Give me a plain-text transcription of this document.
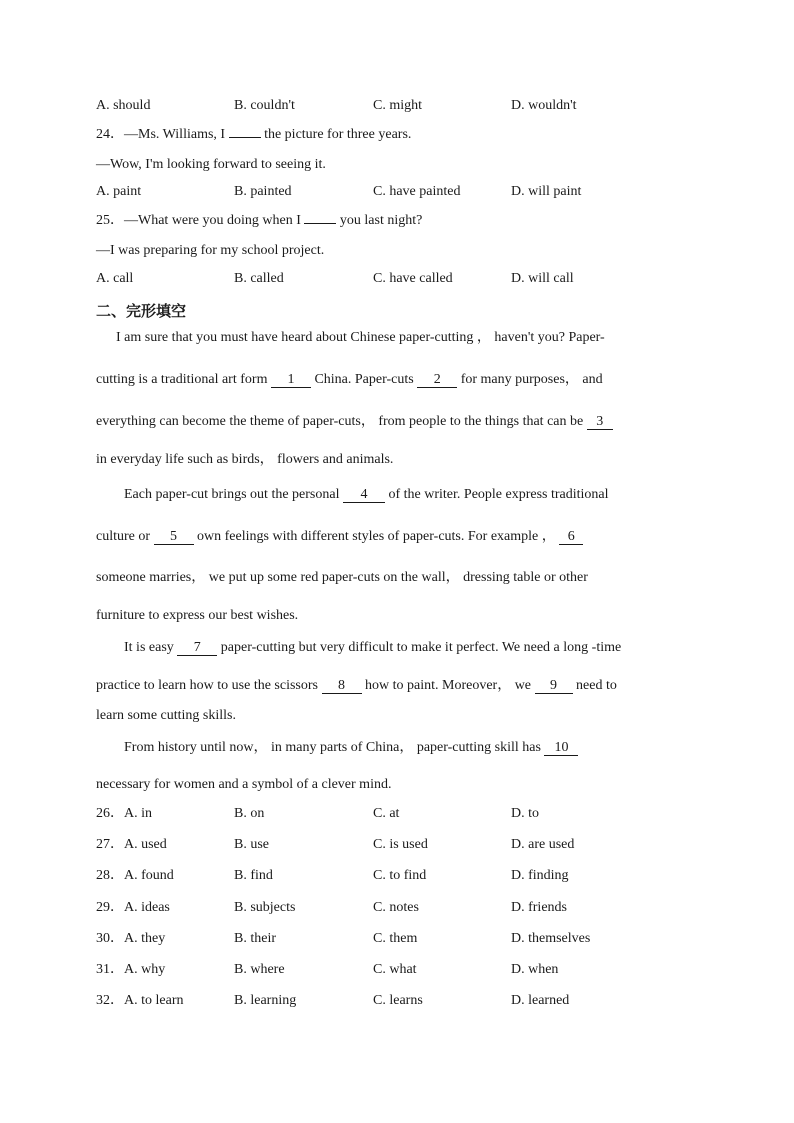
A. should	B. couldn't	C. might	D. wouldn't
24．—Ms. Williams, I  the picture for three years.
—Wow, I'm looking forward to seeing it.
A. paint	B. painted	C. have painted	D. will paint
25．—What were you doing when I  you last night?
—I was preparing for my school project.
A. call	B. called	C. have called	D. will call
二、完形填空
I am sure that you must have heard about Chinese paper-cutting ， haven't you? Paper-
cutting is a traditional art form 1 China. Paper-cuts 2 for many purposes， and
everything can become the theme of paper-cuts， from people to the things that can be 3
in everyday life such as birds， flowers and animals.
Each paper-cut brings out the personal 4 of the writer. People express traditional
culture or 5 own feelings with different styles of paper-cuts. For example ， 6
someone marries， we put up some red paper-cuts on the wall， dressing table or other
furniture to express our best wishes.
It is easy 7 paper-cutting but very difficult to make it perfect. We need a long -time
practice to learn how to use the scissors 8 how to paint. Moreover， we 9 need to
learn some cutting skills.
From history until now， in many parts of China， paper-cutting skill has 10
necessary for women and a symbol of a clever mind.
26．A. in	B. on	C. at	D. to
27．A. used	B. use	C. is used	D. are used
28．A. found	B. find	C. to find	D. finding
29．A. ideas	B. subjects	C. notes	D. friends
30．A. they	B. their	C. them	D. themselves
31．A. why	B. where	C. what	D. when
32．A. to learn	B. learning	C. learns	D. learned
